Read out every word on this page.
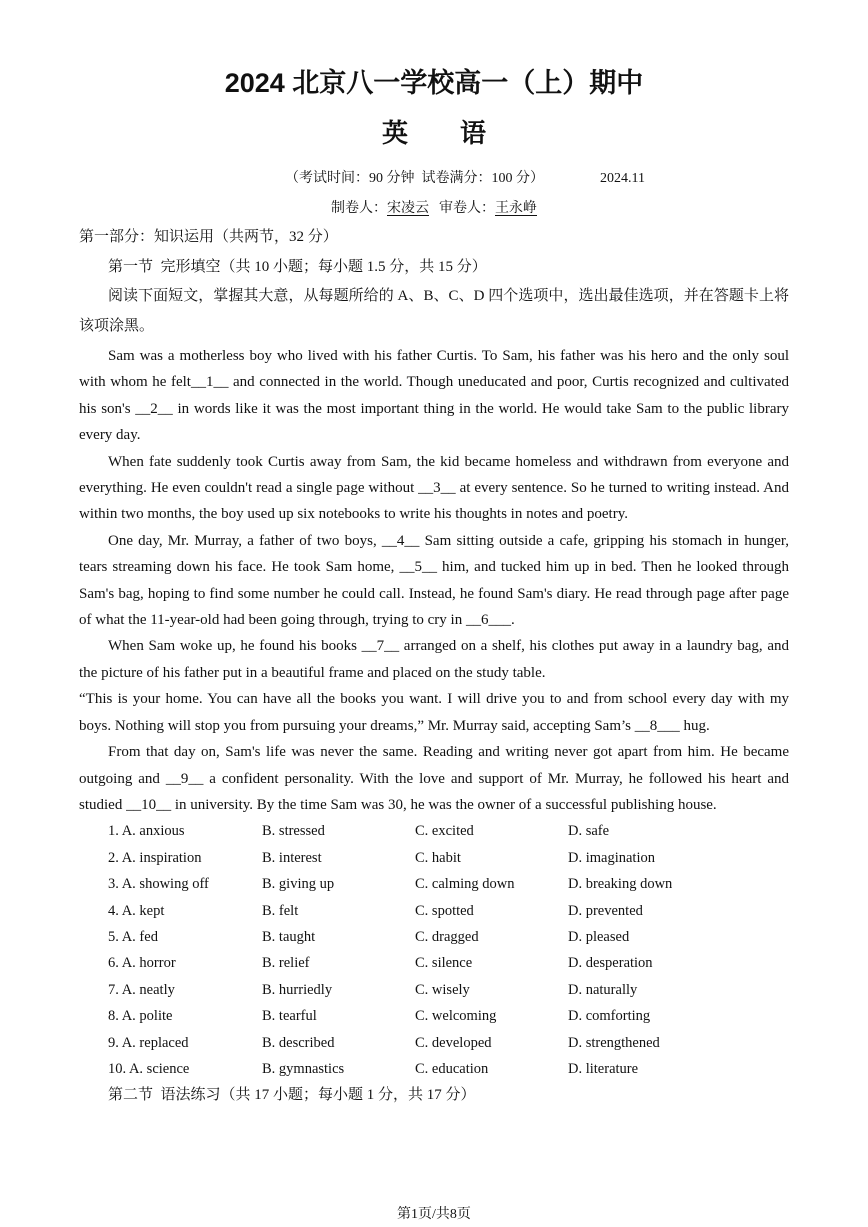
2024 北京八一学校高一（上）期中
英　　语
（考试时间：90 分钟  试卷满分：100 分）	2024.11
制卷人：宋凌云 审卷人：王永峥
第一部分：知识运用（共两节，32 分）
第一节  完形填空（共 10 小题；每小题 1.5 分，共 15 分）
阅读下面短文，掌握其大意，从每题所给的 A、B、C、D 四个选项中，选出最佳选项，并在答题卡上将该项涂黑。

Sam was a motherless boy who lived with his father Curtis. To Sam, his father was his hero and the only soul with whom he felt__1__ and connected in the world. Though uneducated and poor, Curtis recognized and cultivated his son's __2__ in words like it was the most important thing in the world. He would take Sam to the public library every day.

When fate suddenly took Curtis away from Sam, the kid became homeless and withdrawn from everyone and everything. He even couldn't read a single page without __3__ at every sentence. So he turned to writing instead. And within two months, the boy used up six notebooks to write his thoughts in notes and poetry.

One day, Mr. Murray, a father of two boys, __4__ Sam sitting outside a cafe, gripping his stomach in hunger, tears streaming down his face. He took Sam home, __5__ him, and tucked him up in bed. Then he looked through Sam's bag, hoping to find some number he could call. Instead, he found Sam's diary. He read through page after page of what the 11-year-old had been going through, trying to cry in __6___.

When Sam woke up, he found his books __7__ arranged on a shelf, his clothes put away in a laundry bag, and the picture of his father put in a beautiful frame and placed on the study table.

“This is your home. You can have all the books you want. I will drive you to and from school every day with my boys. Nothing will stop you from pursuing your dreams,” Mr. Murray said, accepting Sam’s __8___ hug.

From that day on, Sam's life was never the same. Reading and writing never got apart from him. He became outgoing and __9__ a confident personality. With the love and support of Mr. Murray, he followed his heart and studied __10__ in university. By the time Sam was 30, he was the owner of a successful publishing house.

1. A. anxious	B. stressed	C. excited	D. safe
2. A. inspiration	B. interest	C. habit	D. imagination
3. A. showing off	B. giving up	C. calming down	D. breaking down
4. A. kept	B. felt	C. spotted	D. prevented
5. A. fed	B. taught	C. dragged	D. pleased
6. A. horror	B. relief	C. silence	D. desperation
7. A. neatly	B. hurriedly	C. wisely	D. naturally
8. A. polite	B. tearful	C. welcoming	D. comforting
9. A. replaced	B. described	C. developed	D. strengthened
10. A. science	B. gymnastics	C. education	D. literature
第二节  语法练习（共 17 小题；每小题 1 分，共 17 分）
第1页/共8页
